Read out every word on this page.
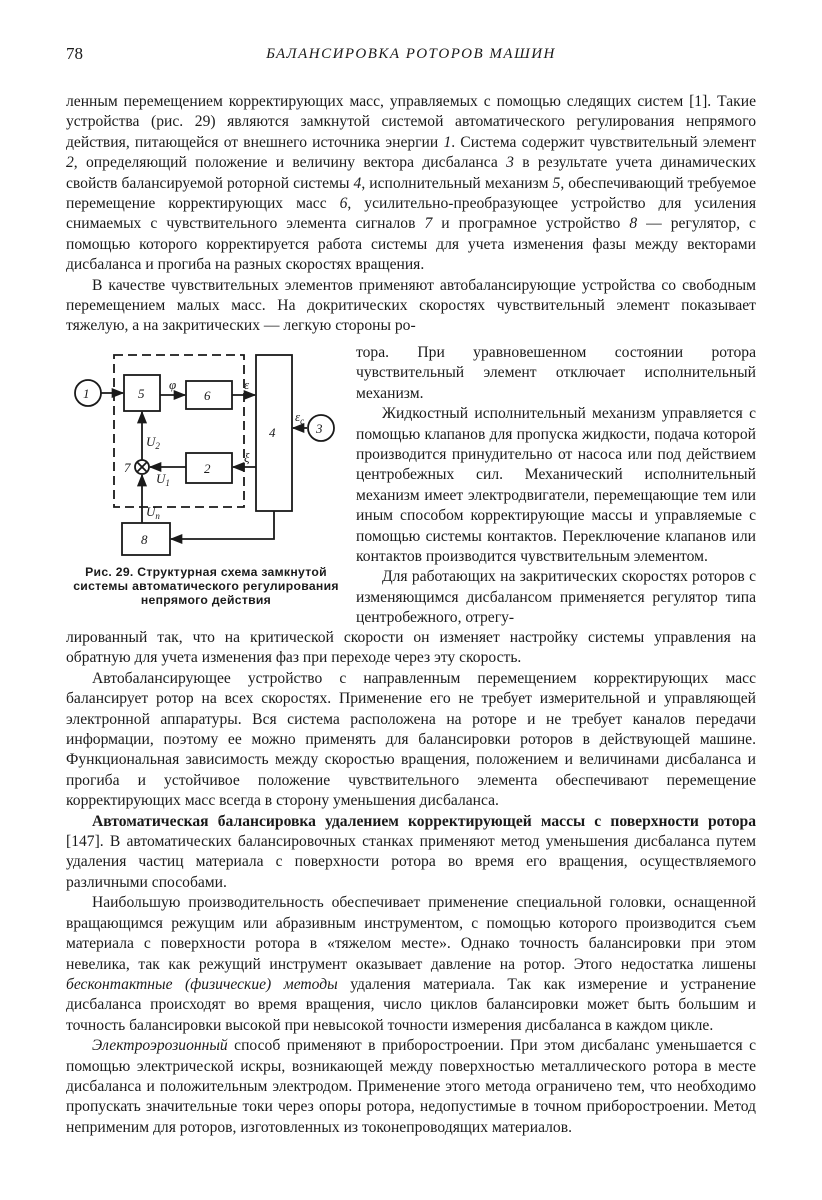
78	БАЛАНСИРОВКА РОТОРОВ МАШИН

ленным перемещением корректирующих масс, управляемых с помощью следящих систем [1]. Такие устройства (рис. 29) являются замкнутой системой автоматического регулирования непрямого действия, питающейся от внешнего источника энергии 1. Система содержит чувствительный элемент 2, определяющий положение и величину вектора дисбаланса 3 в результате учета динамических свойств балансируемой роторной системы 4, исполнительный механизм 5, обеспечивающий требуемое перемещение корректирующих масс 6, усилительно-преобразующее устройство для усиления снимаемых с чувствительного элемента сигналов 7 и програмное устройство 8 — регулятор, с помощью которого корректируется работа системы для учета изменения фазы между векторами дисбаланса и прогиба на разных скоростях вращения.

В качестве чувствительных элементов применяют автобалансирующие устройства со свободным перемещением малых масс. На докритических скоростях чувствительный элемент показывает тяжелую, а на закритических — легкую стороны ро-

1	5	6
2
4	3
8
7
φ	ε
$\varepsilon_c$
ξ
$U_2$
$U_1$
$U_п$
Рис. 29. Структурная схема замкнутой системы автоматического регулирования непрямого действия

тора. При уравновешенном состоянии ротора чувствительный элемент отключает исполнительный механизм.

Жидкостный исполнительный механизм управляется с помощью клапанов для пропуска жидкости, подача которой производится принудительно от насоса или под действием центробежных сил. Механический исполнительный механизм имеет электродвигатели, перемещающие тем или иным способом корректирующие массы и управляемые с помощью системы контактов. Переключение клапанов или контактов производится чувствительным элементом.

Для работающих на закритических скоростях роторов с изменяющимся дисбалансом применяется регулятор типа центробежного, отрегу-

лированный так, что на критической скорости он изменяет настройку системы управления на обратную для учета изменения фаз при переходе через эту скорость.

Автобалансирующее устройство с направленным перемещением корректирующих масс балансирует ротор на всех скоростях. Применение его не требует измерительной и управляющей электронной аппаратуры. Вся система расположена на роторе и не требует каналов передачи информации, поэтому ее можно применять для балансировки роторов в действующей машине. Функциональная зависимость между скоростью вращения, положением и величинами дисбаланса и прогиба и устойчивое положение чувствительного элемента обеспечивают перемещение корректирующих масс всегда в сторону уменьшения дисбаланса.

Автоматическая балансировка удалением корректирующей массы с поверхности ротора [147]. В автоматических балансировочных станках применяют метод уменьшения дисбаланса путем удаления частиц материала с поверхности ротора во время его вращения, осуществляемого различными способами.

Наибольшую производительность обеспечивает применение специальной головки, оснащенной вращающимся режущим или абразивным инструментом, с помощью которого производится съем материала с поверхности ротора в «тяжелом месте». Однако точность балансировки при этом невелика, так как режущий инструмент оказывает давление на ротор. Этого недостатка лишены бесконтактные (физические) методы удаления материала. Так как измерение и устранение дисбаланса происходят во время вращения, число циклов балансировки может быть большим и точность балансировки высокой при невысокой точности измерения дисбаланса в каждом цикле.

Электроэрозионный способ применяют в приборостроении. При этом дисбаланс уменьшается с помощью электрической искры, возникающей между поверхностью металлического ротора в месте дисбаланса и положительным электродом. Применение этого метода ограничено тем, что необходимо пропускать значительные токи через опоры ротора, недопустимые в точном приборостроении. Метод неприменим для роторов, изготовленных из токонепроводящих материалов.
